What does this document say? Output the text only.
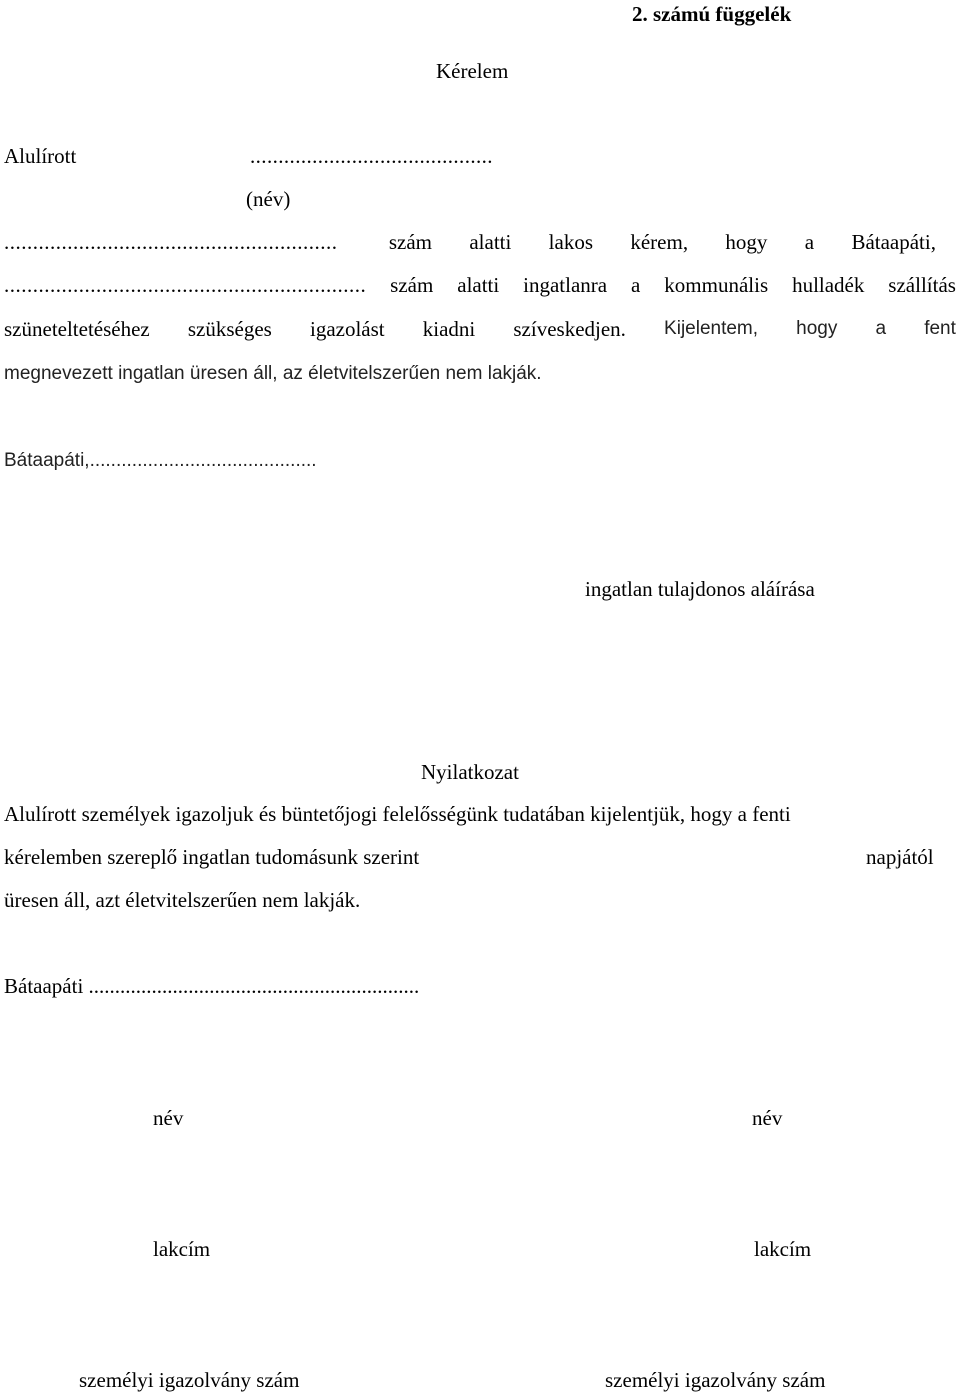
2. számú függelék
Kérelem
Alulírott	...........................................
(név)
.......................................................... szám alatti lakos kérem, hogy a Bátaapáti,
............................................................... szám alatti ingatlanra a kommunális hulladék szállítás
szüneteltetéséhez szükséges igazolást kiadni szíveskedjen. Kijelentem, hogy a fent
megnevezett ingatlan üresen áll, az életvitelszerűen nem lakják.
Bátaapáti,...........................................
ingatlan tulajdonos aláírása
Nyilatkozat
Alulírott személyek igazoljuk és büntetőjogi felelősségünk tudatában kijelentjük, hogy a fenti
kérelemben szereplő ingatlan tudomásunk szerint	napjától
üresen áll, azt életvitelszerűen nem lakják.
Bátaapáti ...............................................................
név	név
lakcím	lakcím
személyi igazolvány szám	személyi igazolvány szám
